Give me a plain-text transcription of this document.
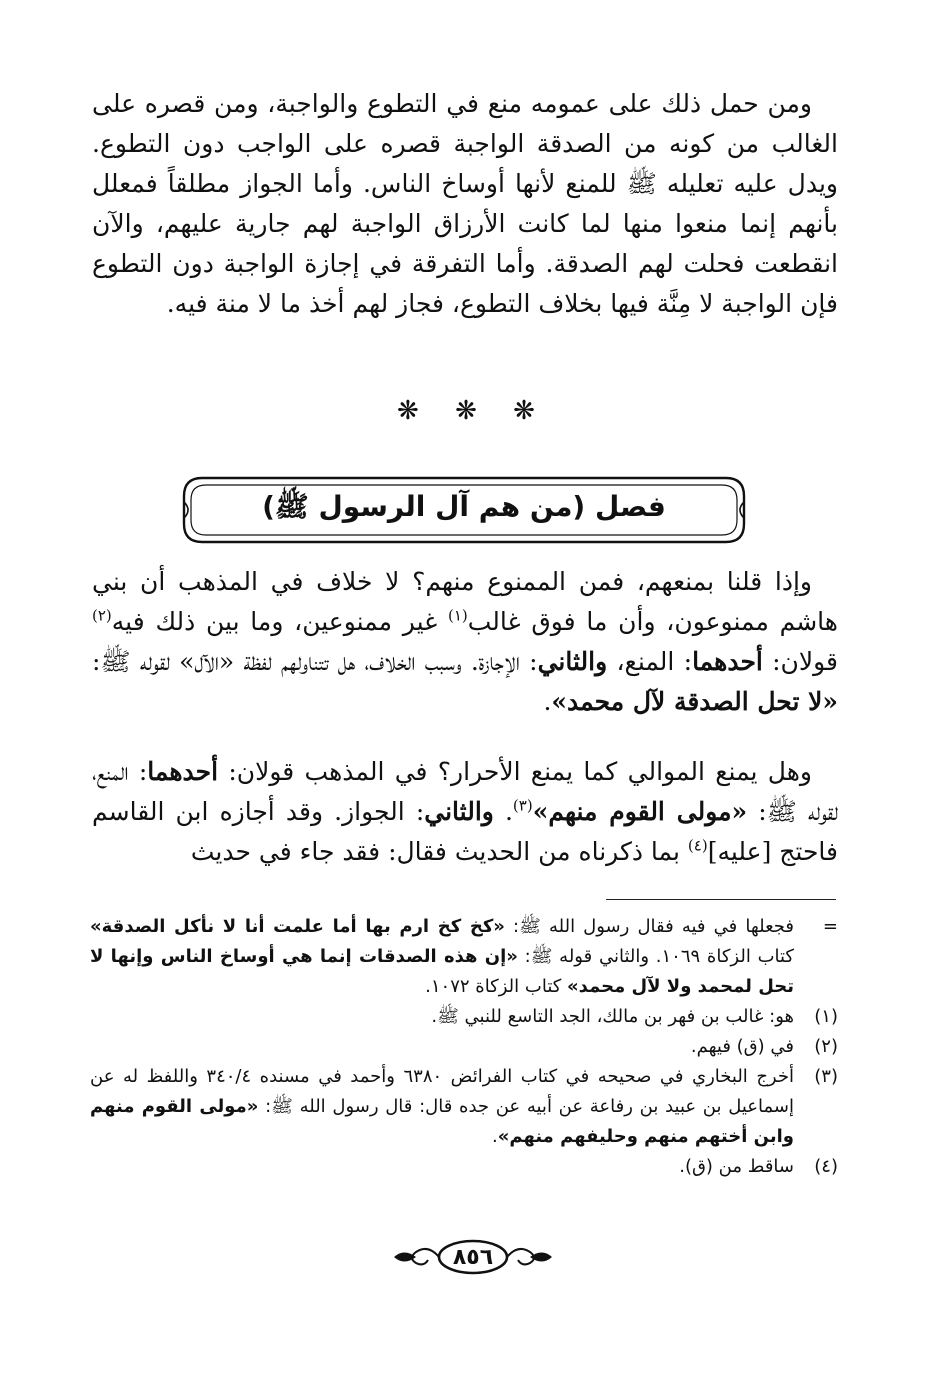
ومن حمل ذلك على عمومه منع في التطوع والواجبة، ومن قصره على الغالب من كونه من الصدقة الواجبة قصره على الواجب دون التطوع. ويدل عليه تعليله ﷺ للمنع لأنها أوساخ الناس. وأما الجواز مطلقاً فمعلل بأنهم إنما منعوا منها لما كانت الأرزاق الواجبة لهم جارية عليهم، والآن انقطعت فحلت لهم الصدقة. وأما التفرقة في إجازة الواجبة دون التطوع فإن الواجبة لا مِنَّة فيها بخلاف التطوع، فجاز لهم أخذ ما لا منة فيه.

❋ ❋ ❋
فصل (من هم آل الرسول ﷺ)

وإذا قلنا بمنعهم، فمن الممنوع منهم؟ لا خلاف في المذهب أن بني هاشم ممنوعون، وأن ما فوق غالب$^{(١)}$ غير ممنوعين، وما بين ذلك فيه$^{(٢)}$ قولان: أحدهما: المنع، والثاني: الإجازة. وسبب الخلاف، هل تتناولهم لفظة «الآل» لقوله ﷺ: «لا تحل الصدقة لآل محمد».

وهل يمنع الموالي كما يمنع الأحرار؟ في المذهب قولان: أحدهما: المنع، لقوله ﷺ: «مولى القوم منهم»$^{(٣)}$. والثاني: الجواز. وقد أجازه ابن القاسم فاحتج [عليه]$^{(٤)}$ بما ذكرناه من الحديث فقال: فقد جاء في حديث

=
فجعلها في فيه فقال رسول الله ﷺ: «كخ كخ ارم بها أما علمت أنا لا نأكل الصدقة» كتاب الزكاة ١٠٦٩. والثاني قوله ﷺ: «إن هذه الصدقات إنما هي أوساخ الناس وإنها لا تحل لمحمد ولا لآل محمد» كتاب الزكاة ١٠٧٢.
(١)
هو: غالب بن فهر بن مالك، الجد التاسع للنبي ﷺ.
(٢)
في (ق) فيهم.
(٣)
أخرج البخاري في صحيحه في كتاب الفرائض ٦٣٨٠ وأحمد في مسنده ٣٤٠/٤ واللفظ له عن إسماعيل بن عبيد بن رفاعة عن أبيه عن جده قال: قال رسول الله ﷺ: «مولى القوم منهم وابن أختهم منهم وحليفهم منهم».
(٤)
ساقط من (ق).
٨٥٦
